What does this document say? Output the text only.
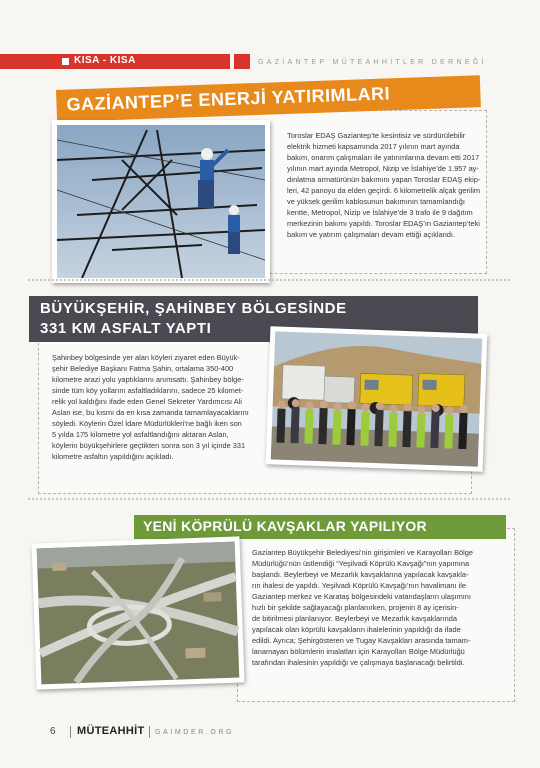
KISA - KISA	GAZİANTEP MÜTEAHHİTLER DERNEĞİ
GAZİANTEP’E ENERJİ YATIRIMLARI
Toroslar EDAŞ Gaziantep’te kesintisiz ve sürdürülebilir
elektrik hizmeti kapsamında 2017 yılının mart ayında
bakım, onarım çalışmaları ile yatırımlarına devam etti 2017
yılının mart ayında Metropol, Nizip ve İslahiye’de 1.957 ay-
dınlatma armatürünün bakımını yapan Toroslar EDAŞ ekip-
leri, 42 panoyu da elden geçirdi. 6 kilometrelik alçak gerilim
ve yüksek gerilim kablosunun bakımının tamamlandığı
kentte, Metropol, Nizip ve İslahiye’de 3 trafo ile 9 dağıtım
merkezinin bakımı yapıldı. Toroslar EDAŞ’ın Gaziantep’teki
bakım ve yatırım çalışmaları devam ettiği açıklandı.
BÜYÜKŞEHİR, ŞAHİNBEY BÖLGESİNDE
331 KM ASFALT YAPTI
Şahinbey bölgesinde yer alan köyleri ziyaret eden Büyük-
şehir Belediye Başkanı Fatma Şahin, ortalama 350-400
kilometre arazi yolu yaptıklarını anımsattı. Şahinbey bölge-
sinde tüm köy yollarını asfaltladıklarını, sadece 25 kilomet-
relik yol kaldığını ifade eden Genel Sekreter Yardımcısı Ali
Aslan ise, bu kısmı da en kısa zamanda tamamlayacaklarını
söyledi. Köylerin Özel İdare Müdürlükleri’ne bağlı iken son
5 yılda 175 kilometre yol asfaltlandığını aktaran Aslan,
köylerin büyükşehirlere geçtikten sonra son 3 yıl içinde 331
kilometre asfaltın yapıldığını açıkladı.
YENİ KÖPRÜLÜ KAVŞAKLAR YAPILIYOR
Gaziantep Büyükşehir Belediyesi’nin girişimleri ve Karayolları Bölge
Müdürlüğü’nün üstlendiği “Yeşilvadi Köprülü Kavşağı”nın yapımına
başlandı. Beylerbeyi ve Mezarlık kavşaklarına yapılacak kavşakla-
rın ihalesi de yapıldı. Yeşilvadi Köprülü Kavşağı’nın havalimanı ile
Gaziantep merkez ve Karataş bölgesindeki vatandaşların ulaşımını
hızlı bir şekilde sağlayacağı planlanırken, projenin 8 ay içerisin-
de bitirilmesi planlanıyor. Beylerbeyi ve Mezarlık kavşaklarında
yapılacak olan köprülü kavşakların ihalelerinin yapıldığı da ifade
edildi. Ayrıca; Şehirgösteren ve Tugay Kavşakları arasında tamam-
lanamayan bölümlerin imalatları için Karayolları Bölge Müdürlüğü
tarafından ihalesinin yapıldığı ve çalışmaya başlanacağı belirtildi.
6 MÜTEAHHİT GAIMDER.ORG
